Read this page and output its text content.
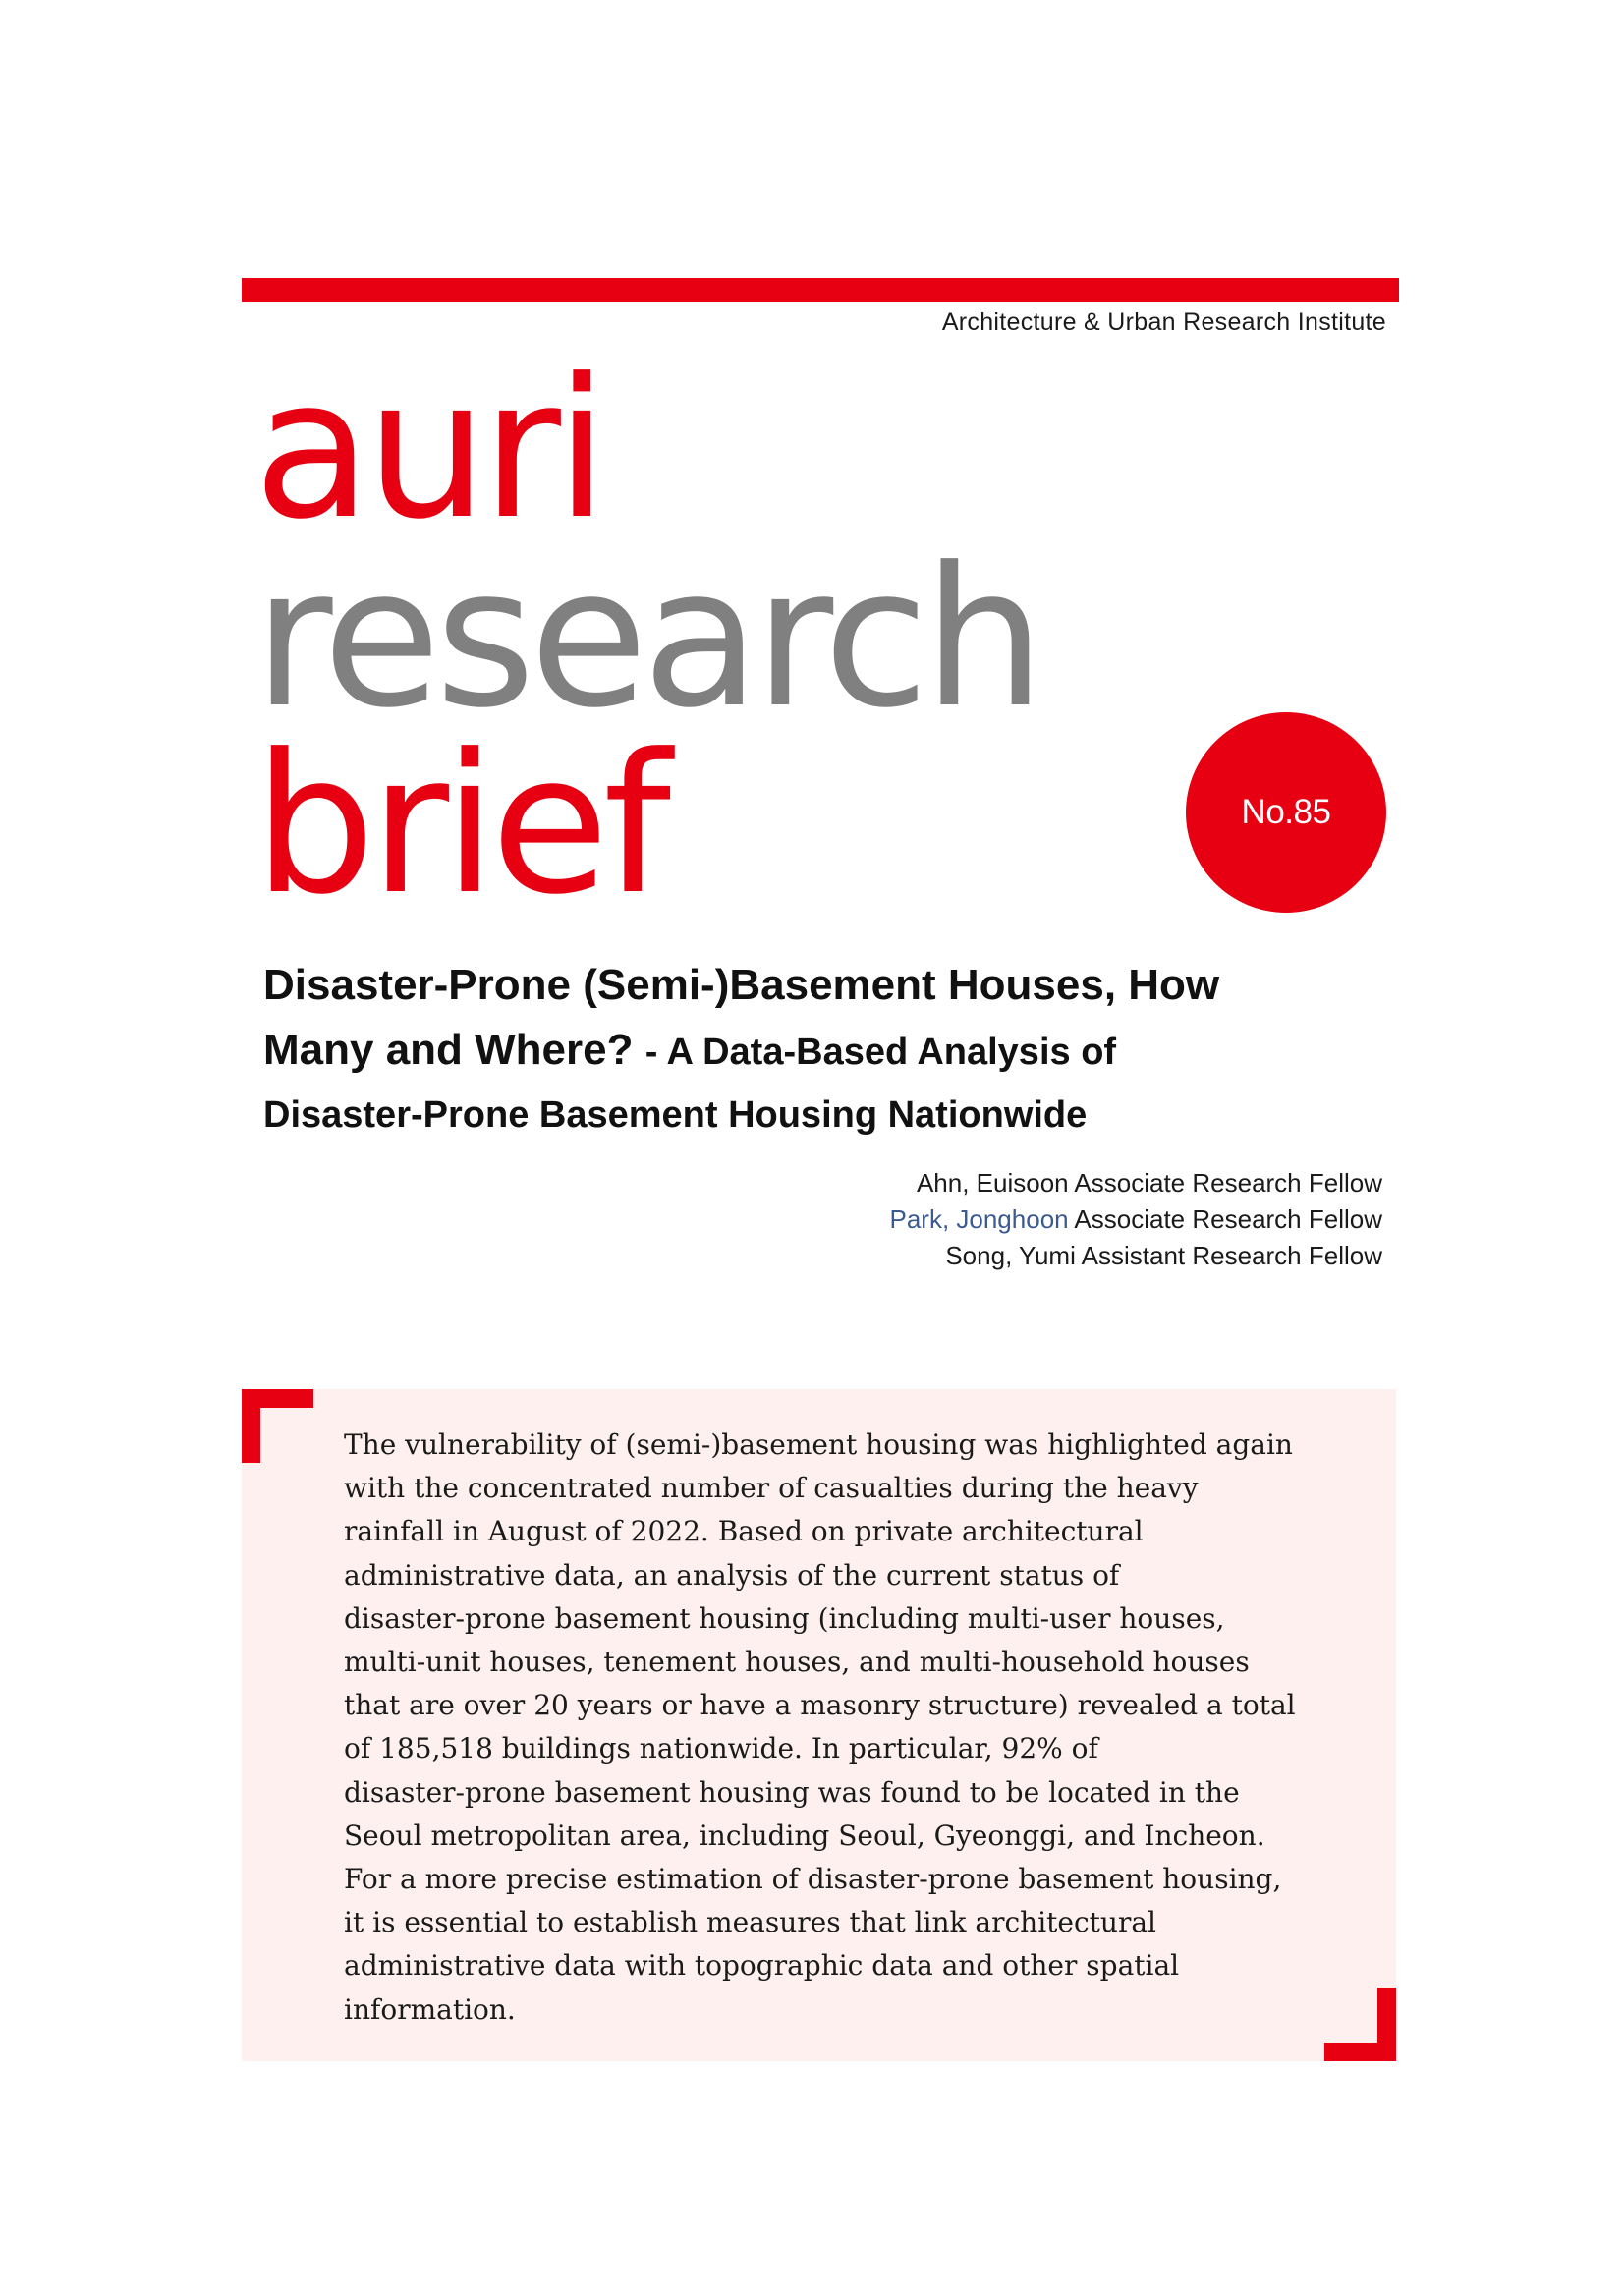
Architecture & Urban Research Institute
auri
research
brief	No.85
Disaster-Prone (Semi-)Basement Houses, How
Many and Where? - A Data-Based Analysis of
Disaster-Prone Basement Housing Nationwide
Ahn, Euisoon Associate Research Fellow
Park, Jonghoon Associate Research Fellow
Song, Yumi Assistant Research Fellow
The vulnerability of (semi-)basement housing was highlighted again
with the concentrated number of casualties during the heavy
rainfall in August of 2022. Based on private architectural
administrative data, an analysis of the current status of
disaster-prone basement housing (including multi-user houses,
multi-unit houses, tenement houses, and multi-household houses
that are over 20 years or have a masonry structure) revealed a total
of 185,518 buildings nationwide. In particular, 92% of
disaster-prone basement housing was found to be located in the
Seoul metropolitan area, including Seoul, Gyeonggi, and Incheon.
For a more precise estimation of disaster-prone basement housing,
it is essential to establish measures that link architectural
administrative data with topographic data and other spatial
information.
